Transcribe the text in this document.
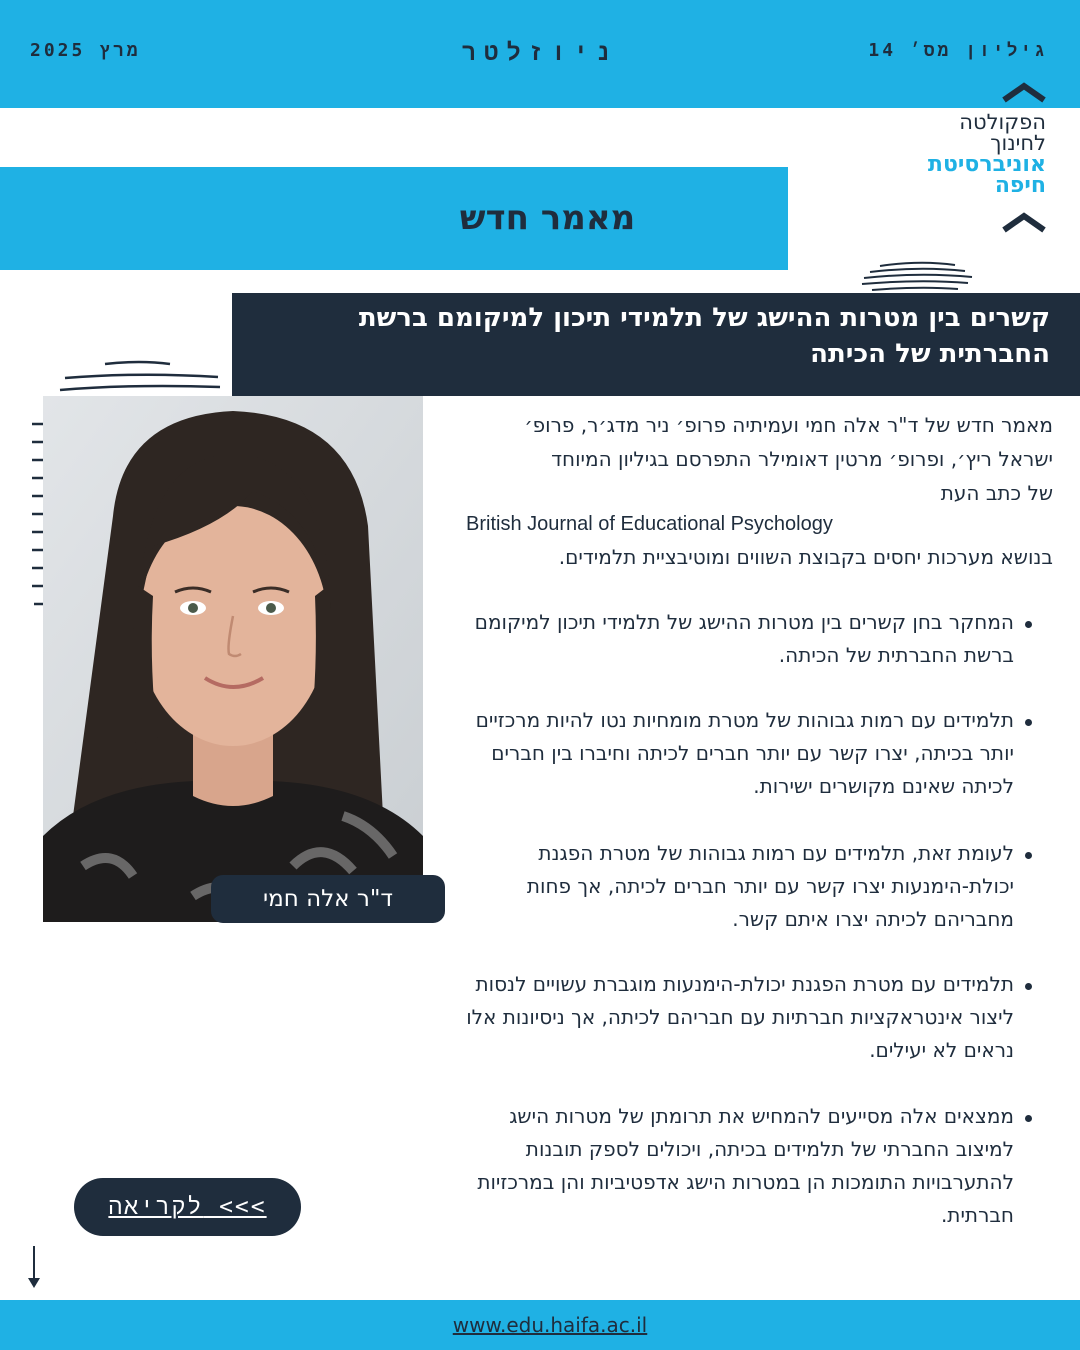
גיליון מס׳ 14
ניוזלטר
מרץ 2025
הפקולטה
לחינוך
אוניברסיטת
חיפה
מאמר חדש
קשרים בין מטרות ההישג של תלמידי תיכון למיקומם ברשת החברתית של הכיתה
ד"ר אלה חמי
מאמר חדש של ד"ר אלה חמי ועמיתיה פרופ׳ ניר מדג׳ר, פרופ׳
ישראל ריץ׳, ופרופ׳ מרטין דאומילר התפרסם בגיליון המיוחד
של כתב העת
British Journal of Educational Psychology
בנושא מערכות יחסים בקבוצת השווים ומוטיבציית תלמידים.
המחקר בחן קשרים בין מטרות ההישג של תלמידי תיכון למיקומם ברשת החברתית של הכיתה.
תלמידים עם רמות גבוהות של מטרת מומחיות נטו להיות מרכזיים יותר בכיתה, יצרו קשר עם יותר חברים לכיתה וחיברו בין חברים לכיתה שאינם מקושרים ישירות.
לעומת זאת, תלמידים עם רמות גבוהות של מטרת הפגנת יכולת-הימנעות יצרו קשר עם יותר חברים לכיתה, אך פחות מחבריהם לכיתה יצרו איתם קשר.
תלמידים עם מטרת הפגנת יכולת-הימנעות מוגברת עשויים לנסות ליצור אינטראקציות חברתיות עם חבריהם לכיתה, אך ניסיונות אלו נראים לא יעילים.
ממצאים אלה מסייעים להמחיש את תרומתן של מטרות הישג למיצוב החברתי של תלמידים בכיתה, ויכולים לספק תובנות להתערבויות התומכות הן במטרות הישג אדפטיביות והן במרכזיות חברתית.
לקריאה <<<
www.edu.haifa.ac.il
